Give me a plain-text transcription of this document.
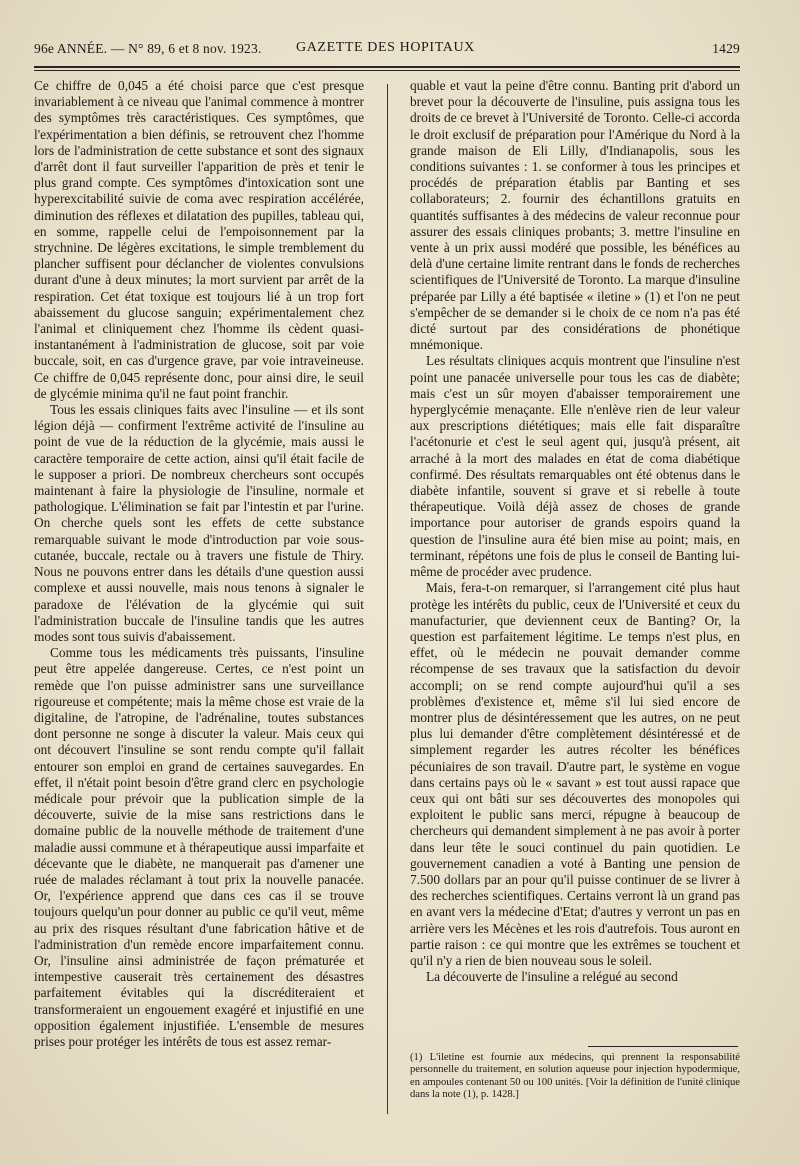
96e ANNÉE. — N° 89, 6 et 8 nov. 1923. GAZETTE DES HOPITAUX	1429

Ce chiffre de 0,045 a été choisi parce que c'est presque invariablement à ce niveau que l'animal commence à montrer des symptômes très caractéristiques. Ces symptômes, que l'expérimentation a bien définis, se retrouvent chez l'homme lors de l'administration de cette substance et sont des signaux d'arrêt dont il faut surveiller l'apparition de près et tenir le plus grand compte. Ces symptômes d'intoxication sont une hyperexcitabilité suivie de coma avec respiration accélérée, diminution des réflexes et dilatation des pupilles, tableau qui, en somme, rappelle celui de l'empoisonnement par la strychnine. De légères excitations, le simple tremblement du plancher suffisent pour déclancher de violentes convulsions durant d'une à deux minutes; la mort survient par arrêt de la respiration. Cet état toxique est toujours lié à un trop fort abaissement du glucose sanguin; expérimentalement chez l'animal et cliniquement chez l'homme ils cèdent quasi-instantanément à l'administration de glucose, soit par voie buccale, soit, en cas d'urgence grave, par voie intraveineuse. Ce chiffre de 0,045 représente donc, pour ainsi dire, le seuil de glycémie minima qu'il ne faut point franchir.

Tous les essais cliniques faits avec l'insuline — et ils sont légion déjà — confirment l'extrême activité de l'insuline au point de vue de la réduction de la glycémie, mais aussi le caractère temporaire de cette action, ainsi qu'il était facile de le supposer a priori. De nombreux chercheurs sont occupés maintenant à faire la physiologie de l'insuline, normale et pathologique. L'élimination se fait par l'intestin et par l'urine. On cherche quels sont les effets de cette substance remarquable suivant le mode d'introduction par voie sous-cutanée, buccale, rectale ou à travers une fistule de Thiry. Nous ne pouvons entrer dans les détails d'une question aussi complexe et aussi nouvelle, mais nous tenons à signaler le paradoxe de l'élévation de la glycémie qui suit l'administration buccale de l'insuline tandis que les autres modes sont tous suivis d'abaissement.

Comme tous les médicaments très puissants, l'insuline peut être appelée dangereuse. Certes, ce n'est point un remède que l'on puisse administrer sans une surveillance rigoureuse et compétente; mais la même chose est vraie de la digitaline, de l'atropine, de l'adrénaline, toutes substances dont personne ne songe à discuter la valeur. Mais ceux qui ont découvert l'insuline se sont rendu compte qu'il fallait entourer son emploi en grand de certaines sauvegardes. En effet, il n'était point besoin d'être grand clerc en psychologie médicale pour prévoir que la publication simple de la découverte, suivie de la mise sans restrictions dans le domaine public de la nouvelle méthode de traitement d'une maladie aussi commune et à thérapeutique aussi imparfaite et décevante que le diabète, ne manquerait pas d'amener une ruée de malades réclamant à tout prix la nouvelle panacée. Or, l'expérience apprend que dans ces cas il se trouve toujours quelqu'un pour donner au public ce qu'il veut, même au prix des risques résultant d'une fabrication hâtive et de l'administration d'un remède encore imparfaitement connu. Or, l'insuline ainsi administrée de façon prématurée et intempestive causerait très certainement des désastres parfaitement évitables qui la discréditeraient et transformeraient un engouement exagéré et injustifié en une opposition également injustifiée. L'ensemble de mesures prises pour protéger les intérêts de tous est assez remar-

quable et vaut la peine d'être connu. Banting prit d'abord un brevet pour la découverte de l'insuline, puis assigna tous les droits de ce brevet à l'Université de Toronto. Celle-ci accorda le droit exclusif de préparation pour l'Amérique du Nord à la grande maison de Eli Lilly, d'Indianapolis, sous les conditions suivantes : 1. se conformer à tous les principes et procédés de préparation établis par Banting et ses collaborateurs; 2. fournir des échantillons gratuits en quantités suffisantes à des médecins de valeur reconnue pour assurer des essais cliniques probants; 3. mettre l'insuline en vente à un prix aussi modéré que possible, les bénéfices au delà d'une certaine limite rentrant dans le fonds de recherches scientifiques de l'Université de Toronto. La marque d'insuline préparée par Lilly a été baptisée « iletine » (1) et l'on ne peut s'empêcher de se demander si le choix de ce nom n'a pas été dicté surtout par des considérations de phonétique mnémonique.

Les résultats cliniques acquis montrent que l'insuline n'est point une panacée universelle pour tous les cas de diabète; mais c'est un sûr moyen d'abaisser temporairement une hyperglycémie menaçante. Elle n'enlève rien de leur valeur aux prescriptions diététiques; mais elle fait disparaître l'acétonurie et c'est le seul agent qui, jusqu'à présent, ait arraché à la mort des malades en état de coma diabétique confirmé. Des résultats remarquables ont été obtenus dans le diabète infantile, souvent si grave et si rebelle à toute thérapeutique. Voilà déjà assez de choses de grande importance pour autoriser de grands espoirs quand la question de l'insuline aura été bien mise au point; mais, en terminant, répétons une fois de plus le conseil de Banting lui-même de procéder avec prudence.

Mais, fera-t-on remarquer, si l'arrangement cité plus haut protège les intérêts du public, ceux de l'Université et ceux du manufacturier, que deviennent ceux de Banting? Or, la question est parfaitement légitime. Le temps n'est plus, en effet, où le médecin ne pouvait demander comme récompense de ses travaux que la satisfaction du devoir accompli; on se rend compte aujourd'hui qu'il a ses problèmes d'existence et, même s'il lui sied encore de montrer plus de désintéressement que les autres, on ne peut plus lui demander d'être complètement désintéressé et de simplement regarder les autres récolter les bénéfices pécuniaires de son travail. D'autre part, le système en vogue dans certains pays où le « savant » est tout aussi rapace que ceux qui ont bâti sur ses découvertes des monopoles qui exploitent le public sans merci, répugne à beaucoup de chercheurs qui demandent simplement à ne pas avoir à porter dans leur tête le souci continuel du pain quotidien. Le gouvernement canadien a voté à Banting une pension de 7.500 dollars par an pour qu'il puisse continuer de se livrer à des recherches scientifiques. Certains verront là un grand pas en avant vers la médecine d'Etat; d'autres y verront un pas en arrière vers les Mécènes et les rois d'autrefois. Tous auront en partie raison : ce qui montre que les extrêmes se touchent et qu'il n'y a rien de bien nouveau sous le soleil.

La découverte de l'insuline a relégué au second

(1) L'iletine est fournie aux médecins, qui prennent la responsabilité personnelle du traitement, en solution aqueuse pour injection hypodermique, en ampoules contenant 50 ou 100 unités. [Voir la définition de l'unité clinique dans la note (1), p. 1428.]
